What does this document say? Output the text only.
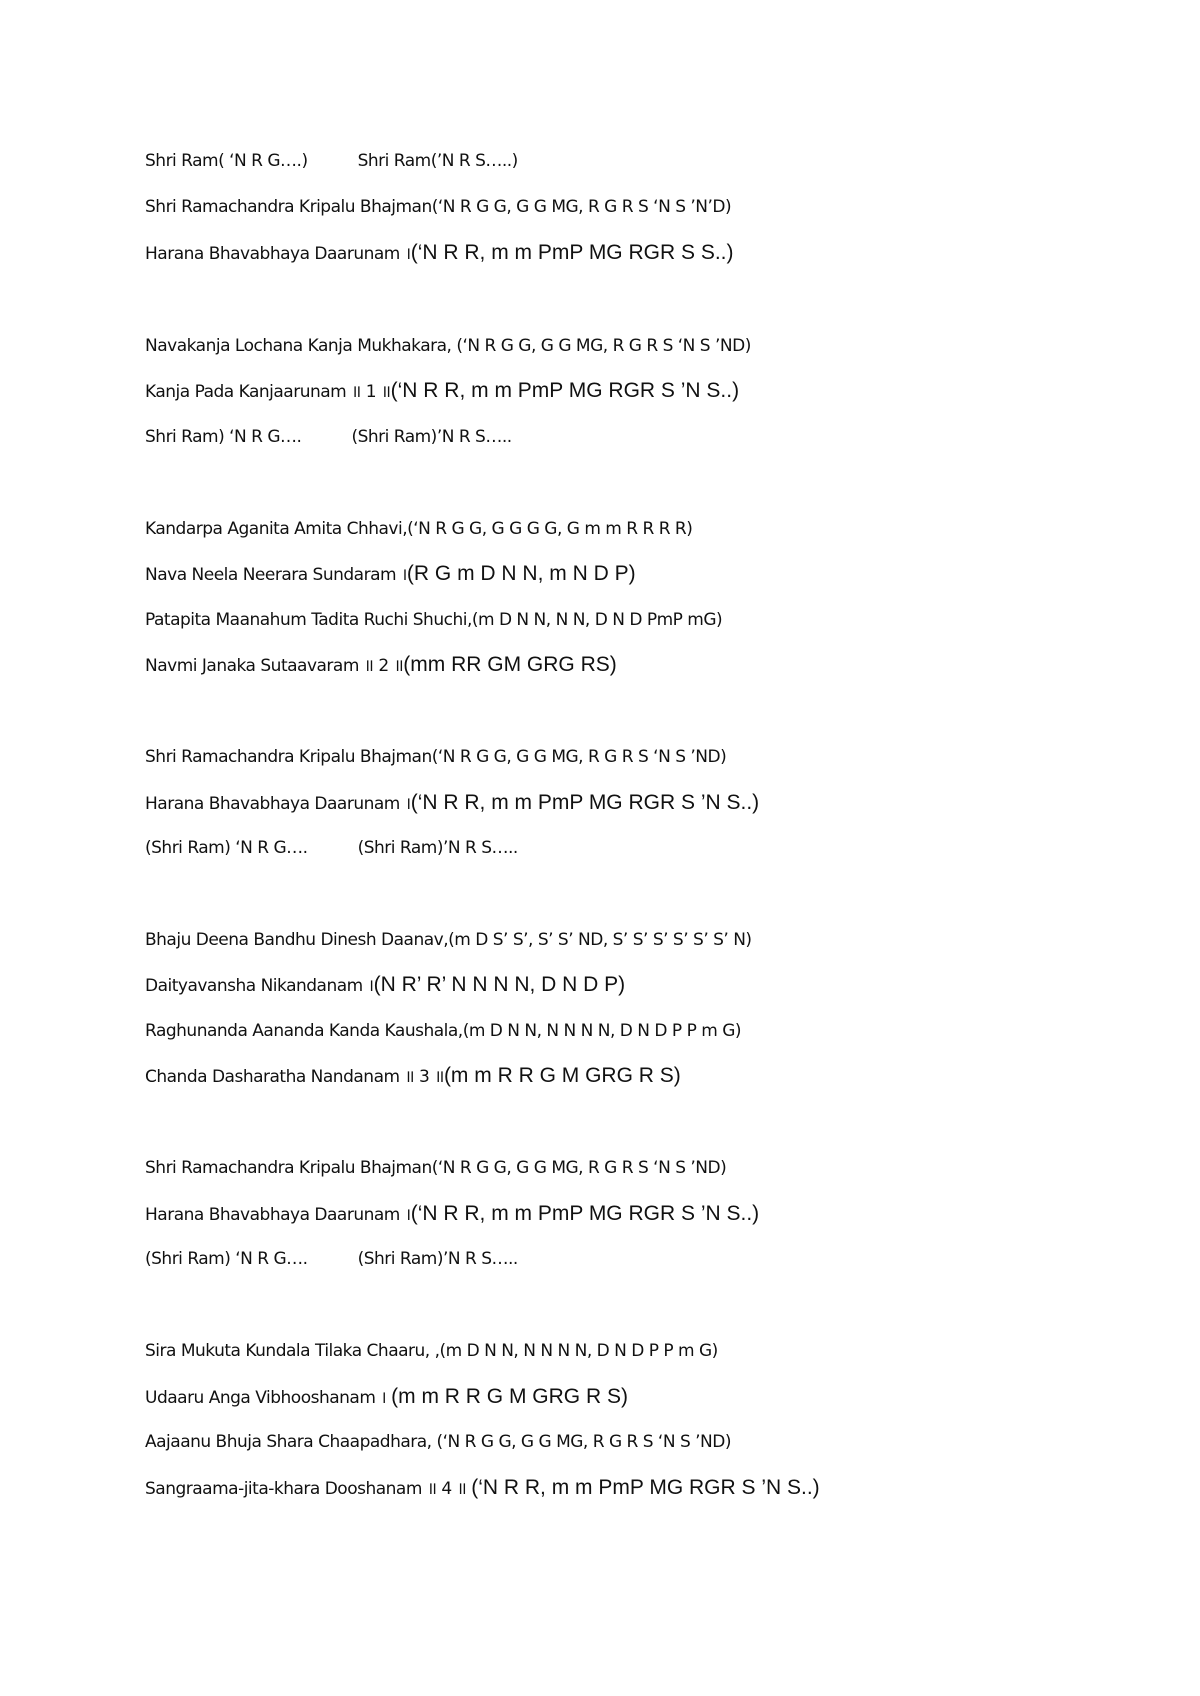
Shri Ram( ‘N R G….)	Shri Ram(’N R S…..)
Shri Ramachandra Kripalu Bhajman(‘N R G G, G G MG, R G R S ‘N S ’N’D)
Harana Bhavabhaya Daarunam ।(‘N R R, m m PmP MG RGR S S..)
Navakanja Lochana Kanja Mukhakara, (‘N R G G, G G MG, R G R S ‘N S ’ND)
Kanja Pada Kanjaarunam ॥ 1 ॥(‘N R R, m m PmP MG RGR S ’N S..)
Shri Ram) ‘N R G….	(Shri Ram)’N R S…..
Kandarpa Aganita Amita Chhavi,(‘N R G G, G G G G, G m m R R R R)
Nava Neela Neerara Sundaram ।(R G m D N N, m N D P)
Patapita Maanahum Tadita Ruchi Shuchi,(m D N N, N N, D N D PmP mG)
Navmi Janaka Sutaavaram ॥ 2 ॥(mm RR GM GRG RS)
Shri Ramachandra Kripalu Bhajman(‘N R G G, G G MG, R G R S ‘N S ’ND)
Harana Bhavabhaya Daarunam ।(‘N R R, m m PmP MG RGR S ’N S..)
(Shri Ram) ‘N R G….	(Shri Ram)’N R S…..
Bhaju Deena Bandhu Dinesh Daanav,(m D S’ S’, S’ S’ ND, S’ S’ S’ S’ S’ S’ N)
Daityavansha Nikandanam ।(N R’ R’ N N N N, D N D P)
Raghunanda Aananda Kanda Kaushala,(m D N N, N N N N, D N D P P m G)
Chanda Dasharatha Nandanam ॥ 3 ॥(m m R R G M GRG R S)
Shri Ramachandra Kripalu Bhajman(‘N R G G, G G MG, R G R S ‘N S ’ND)
Harana Bhavabhaya Daarunam ।(‘N R R, m m PmP MG RGR S ’N S..)
(Shri Ram) ‘N R G….	(Shri Ram)’N R S…..
Sira Mukuta Kundala Tilaka Chaaru, ,(m D N N, N N N N, D N D P P m G)
Udaaru Anga Vibhooshanam । (m m R R G M GRG R S)
Aajaanu Bhuja Shara Chaapadhara, (‘N R G G, G G MG, R G R S ‘N S ’ND)
Sangraama-jita-khara Dooshanam ॥ 4 ॥ (‘N R R, m m PmP MG RGR S ’N S..)
